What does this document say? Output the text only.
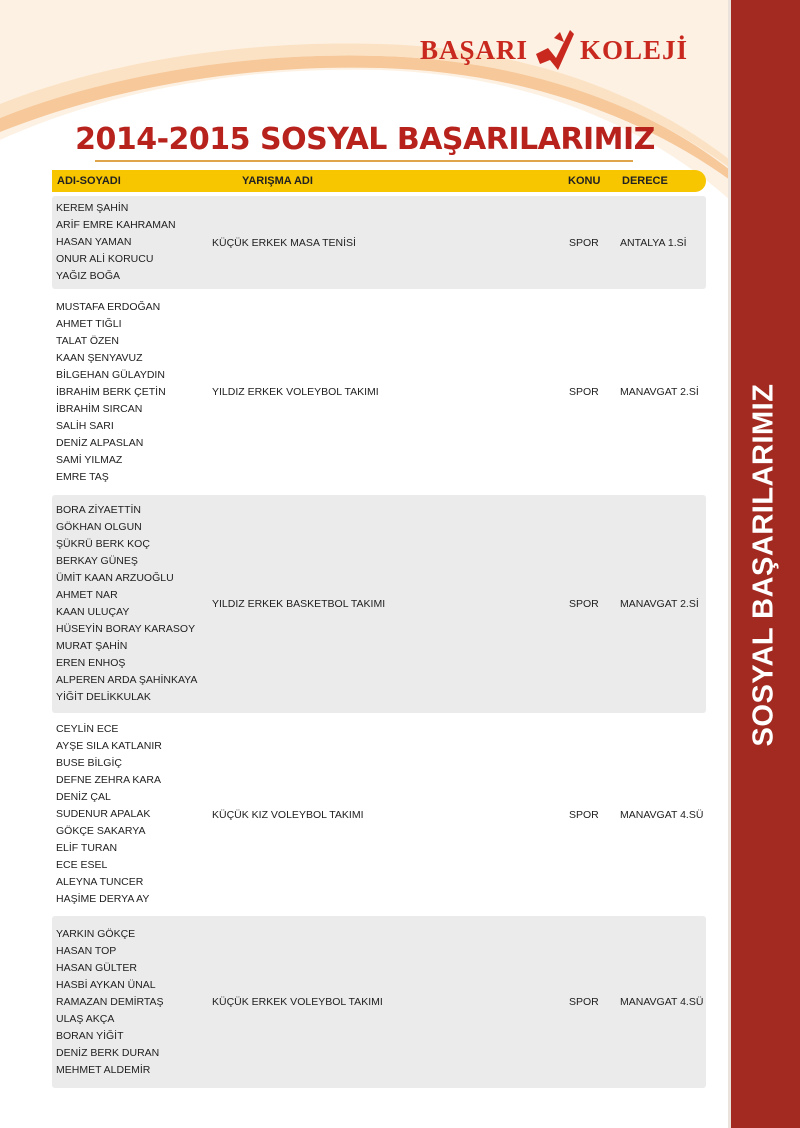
SOSYAL BAŞARILARIMIZ
BAŞARI KOLEJİ
2014-2015 SOSYAL BAŞARILARIMIZ
ADI-SOYADI	YARIŞMA ADI	KONU DERECE
KEREM ŞAHİN
ARİF EMRE KAHRAMAN
HASAN YAMAN
ONUR ALİ KORUCU
YAĞIZ BOĞA
KÜÇÜK ERKEK MASA TENİSİ	SPOR ANTALYA 1.Sİ
MUSTAFA ERDOĞAN
AHMET TIĞLI
TALAT ÖZEN
KAAN ŞENYAVUZ
BİLGEHAN GÜLAYDIN
İBRAHİM BERK ÇETİN
İBRAHİM SIRCAN
SALİH SARI
DENİZ ALPASLAN
SAMİ YILMAZ
EMRE TAŞ
YILDIZ ERKEK VOLEYBOL TAKIMI	SPOR MANAVGAT 2.Sİ
BORA ZİYAETTİN
GÖKHAN OLGUN
ŞÜKRÜ BERK KOÇ
BERKAY GÜNEŞ
ÜMİT KAAN ARZUOĞLU
AHMET NAR
KAAN ULUÇAY
HÜSEYİN BORAY KARASOY
MURAT ŞAHİN
EREN ENHOŞ
ALPEREN ARDA ŞAHİNKAYA
YİĞİT DELİKKULAK
YILDIZ ERKEK BASKETBOL TAKIMI	SPOR MANAVGAT 2.Sİ
CEYLİN ECE
AYŞE SILA KATLANIR
BUSE BİLGİÇ
DEFNE ZEHRA KARA
DENİZ ÇAL
SUDENUR APALAK
GÖKÇE SAKARYA
ELİF TURAN
ECE ESEL
ALEYNA TUNCER
HAŞİME DERYA AY
KÜÇÜK KIZ VOLEYBOL TAKIMI	SPOR MANAVGAT 4.SÜ
YARKIN GÖKÇE
HASAN TOP
HASAN GÜLTER
HASBİ AYKAN ÜNAL
RAMAZAN DEMİRTAŞ
ULAŞ AKÇA
BORAN YİĞİT
DENİZ BERK DURAN
MEHMET ALDEMİR
KÜÇÜK ERKEK VOLEYBOL TAKIMI	SPOR MANAVGAT 4.SÜ
